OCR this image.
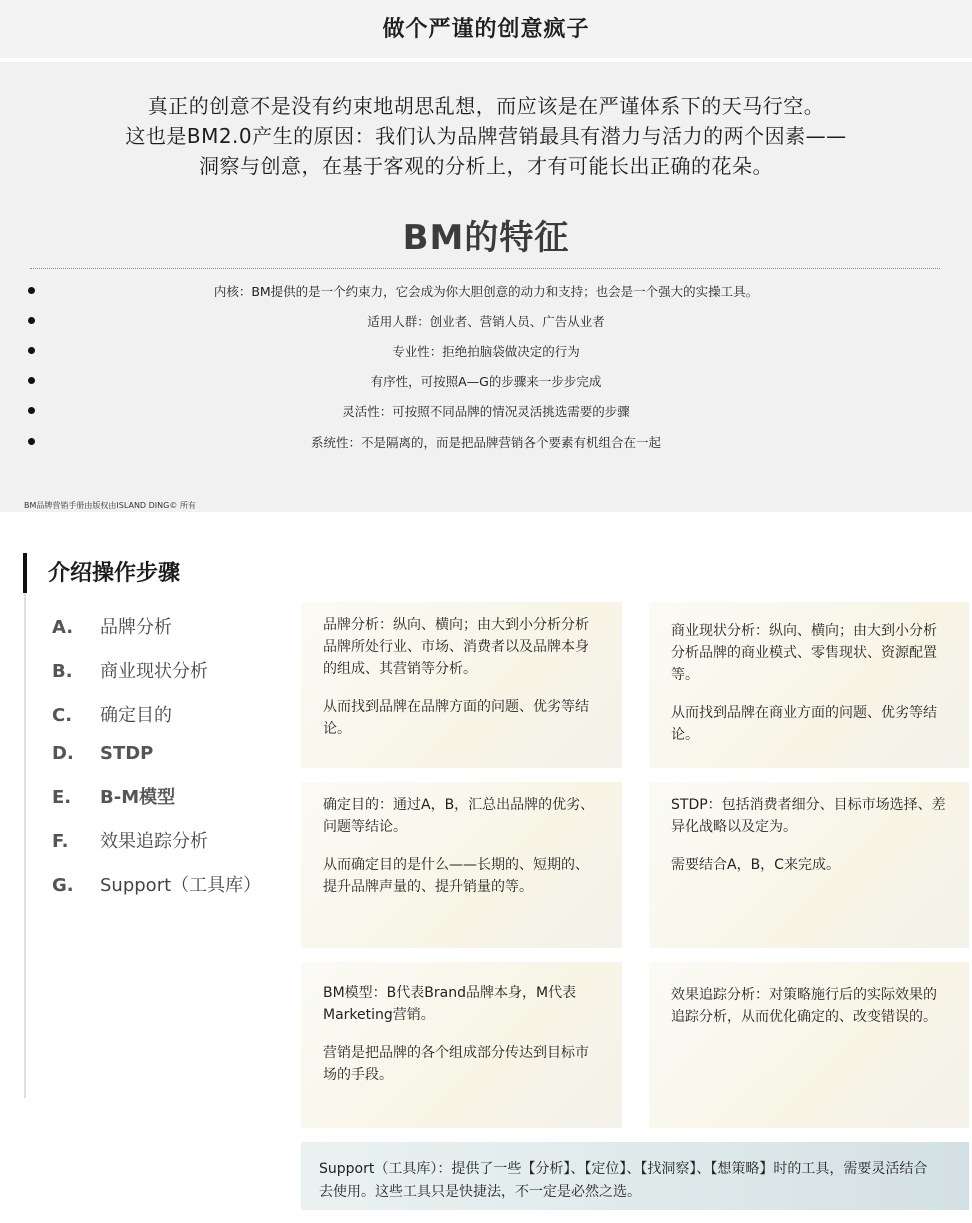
做个严谨的创意疯子
真正的创意不是没有约束地胡思乱想，而应该是在严谨体系下的天马行空。
这也是BM2.0产生的原因：我们认为品牌营销最具有潜力与活力的两个因素——
洞察与创意，在基于客观的分析上，才有可能长出正确的花朵。
BM的特征
内核：BM提供的是一个约束力，它会成为你大胆创意的动力和支持；也会是一个强大的实操工具。
适用人群：创业者、营销人员、广告从业者
专业性：拒绝拍脑袋做决定的行为
有序性，可按照A—G的步骤来一步步完成
灵活性：可按照不同品牌的情况灵活挑选需要的步骤
系统性：不是隔离的，而是把品牌营销各个要素有机组合在一起
BM品牌营销手册由版权由ISLAND DING© 所有
介绍操作步骤
A. 品牌分析
B. 商业现状分析
C. 确定目的
D. STDP
E. B-M模型
F. 效果追踪分析
G. Support（工具库）

品牌分析：纵向、横向；由大到小分析分析品牌所处行业、市场、消费者以及品牌本身的组成、其营销等分析。

从而找到品牌在品牌方面的问题、优劣等结论。

商业现状分析：纵向、横向；由大到小分析分析品牌的商业模式、零售现状、资源配置等。

从而找到品牌在商业方面的问题、优劣等结论。

确定目的：通过A，B，汇总出品牌的优劣、问题等结论。

从而确定目的是什么——长期的、短期的、提升品牌声量的、提升销量的等。

STDP：包括消费者细分、目标市场选择、差异化战略以及定为。

需要结合A，B，C来完成。

BM模型：B代表Brand品牌本身，M代表Marketing营销。

营销是把品牌的各个组成部分传达到目标市场的手段。

效果追踪分析：对策略施行后的实际效果的追踪分析，从而优化确定的、改变错误的。

Support（工具库）：提供了一些【分析】、【定位】、【找洞察】、【想策略】时的工具，需要灵活结合去使用。这些工具只是快捷法，不一定是必然之选。
